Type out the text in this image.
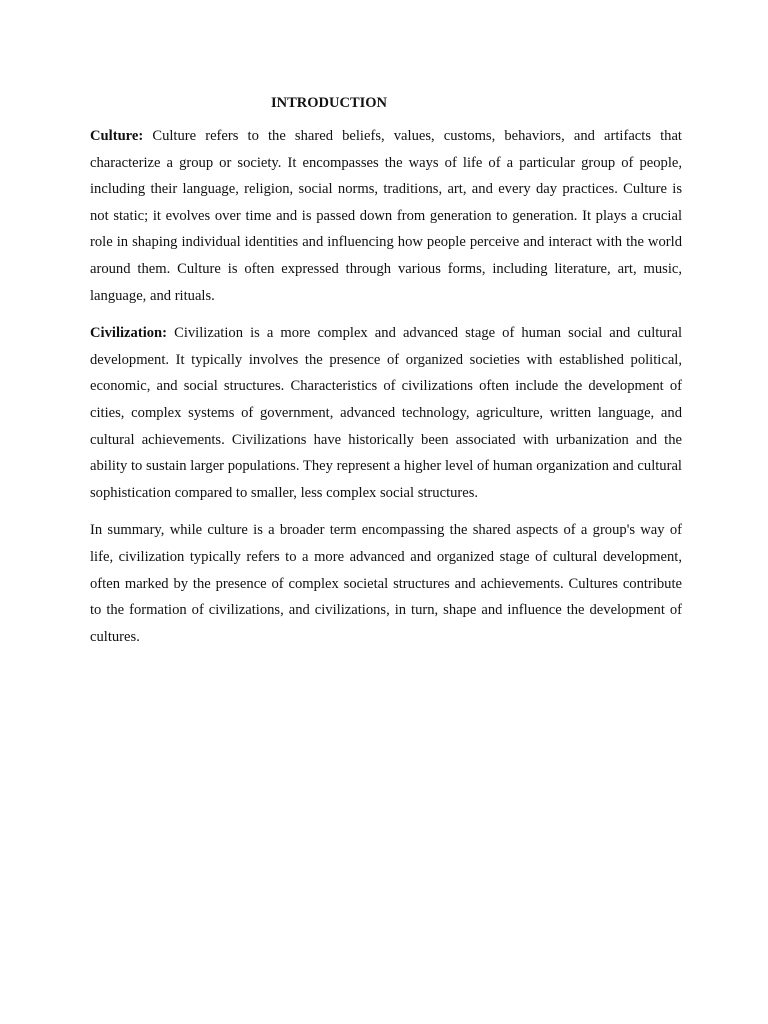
INTRODUCTION

Culture: Culture refers to the shared beliefs, values, customs, behaviors, and artifacts that characterize a group or society. It encompasses the ways of life of a particular group of people, including their language, religion, social norms, traditions, art, and every day practices. Culture is not static; it evolves over time and is passed down from generation to generation. It plays a crucial role in shaping individual identities and influencing how people perceive and interact with the world around them. Culture is often expressed through various forms, including literature, art, music, language, and rituals.

Civilization: Civilization is a more complex and advanced stage of human social and cultural development. It typically involves the presence of organized societies with established political, economic, and social structures. Characteristics of civilizations often include the development of cities, complex systems of government, advanced technology, agriculture, written language, and cultural achievements. Civilizations have historically been associated with urbanization and the ability to sustain larger populations. They represent a higher level of human organization and cultural sophistication compared to smaller, less complex social structures.

In summary, while culture is a broader term encompassing the shared aspects of a group's way of life, civilization typically refers to a more advanced and organized stage of cultural development, often marked by the presence of complex societal structures and achievements. Cultures contribute to the formation of civilizations, and civilizations, in turn, shape and influence the development of cultures.
